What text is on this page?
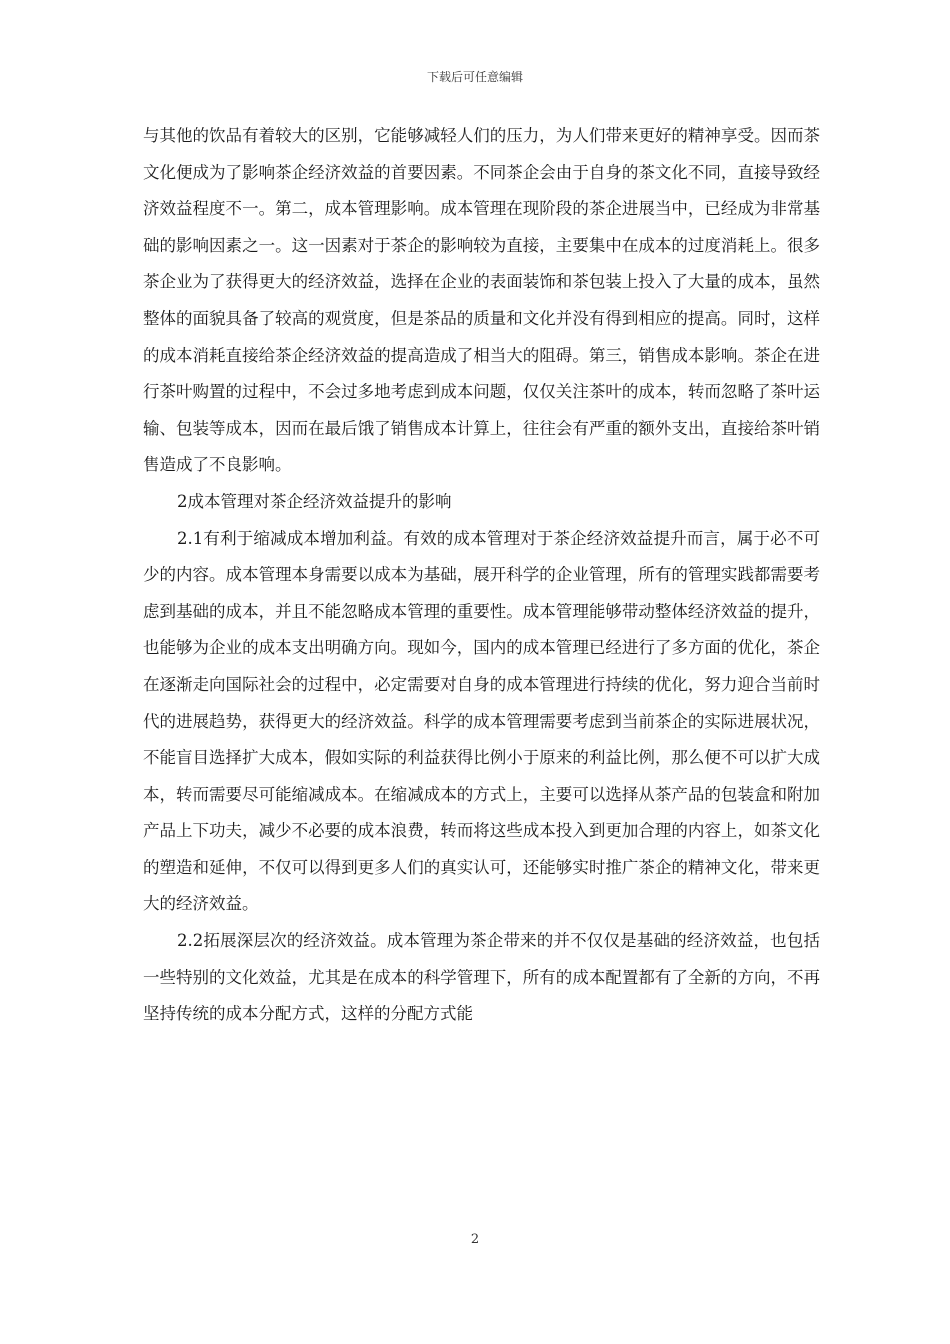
下载后可任意编辑

与其他的饮品有着较大的区别，它能够减轻人们的压力，为人们带来更好的精神享受。因而茶文化便成为了影响茶企经济效益的首要因素。不同茶企会由于自身的茶文化不同，直接导致经济效益程度不一。第二，成本管理影响。成本管理在现阶段的茶企进展当中，已经成为非常基础的影响因素之一。这一因素对于茶企的影响较为直接，主要集中在成本的过度消耗上。很多茶企业为了获得更大的经济效益，选择在企业的表面装饰和茶包装上投入了大量的成本，虽然整体的面貌具备了较高的观赏度，但是茶品的质量和文化并没有得到相应的提高。同时，这样的成本消耗直接给茶企经济效益的提高造成了相当大的阻碍。第三，销售成本影响。茶企在进行茶叶购置的过程中，不会过多地考虑到成本问题，仅仅关注茶叶的成本，转而忽略了茶叶运输、包装等成本，因而在最后饿了销售成本计算上，往往会有严重的额外支出，直接给茶叶销售造成了不良影响。

2成本管理对茶企经济效益提升的影响

2.1有利于缩减成本增加利益。有效的成本管理对于茶企经济效益提升而言，属于必不可少的内容。成本管理本身需要以成本为基础，展开科学的企业管理，所有的管理实践都需要考虑到基础的成本，并且不能忽略成本管理的重要性。成本管理能够带动整体经济效益的提升，也能够为企业的成本支出明确方向。现如今，国内的成本管理已经进行了多方面的优化，茶企在逐渐走向国际社会的过程中，必定需要对自身的成本管理进行持续的优化，努力迎合当前时代的进展趋势，获得更大的经济效益。科学的成本管理需要考虑到当前茶企的实际进展状况，不能盲目选择扩大成本，假如实际的利益获得比例小于原来的利益比例，那么便不可以扩大成本，转而需要尽可能缩减成本。在缩减成本的方式上，主要可以选择从茶产品的包装盒和附加产品上下功夫，减少不必要的成本浪费，转而将这些成本投入到更加合理的内容上，如茶文化的塑造和延伸，不仅可以得到更多人们的真实认可，还能够实时推广茶企的精神文化，带来更大的经济效益。

2.2拓展深层次的经济效益。成本管理为茶企带来的并不仅仅是基础的经济效益，也包括一些特别的文化效益，尤其是在成本的科学管理下，所有的成本配置都有了全新的方向，不再坚持传统的成本分配方式，这样的分配方式能

2
